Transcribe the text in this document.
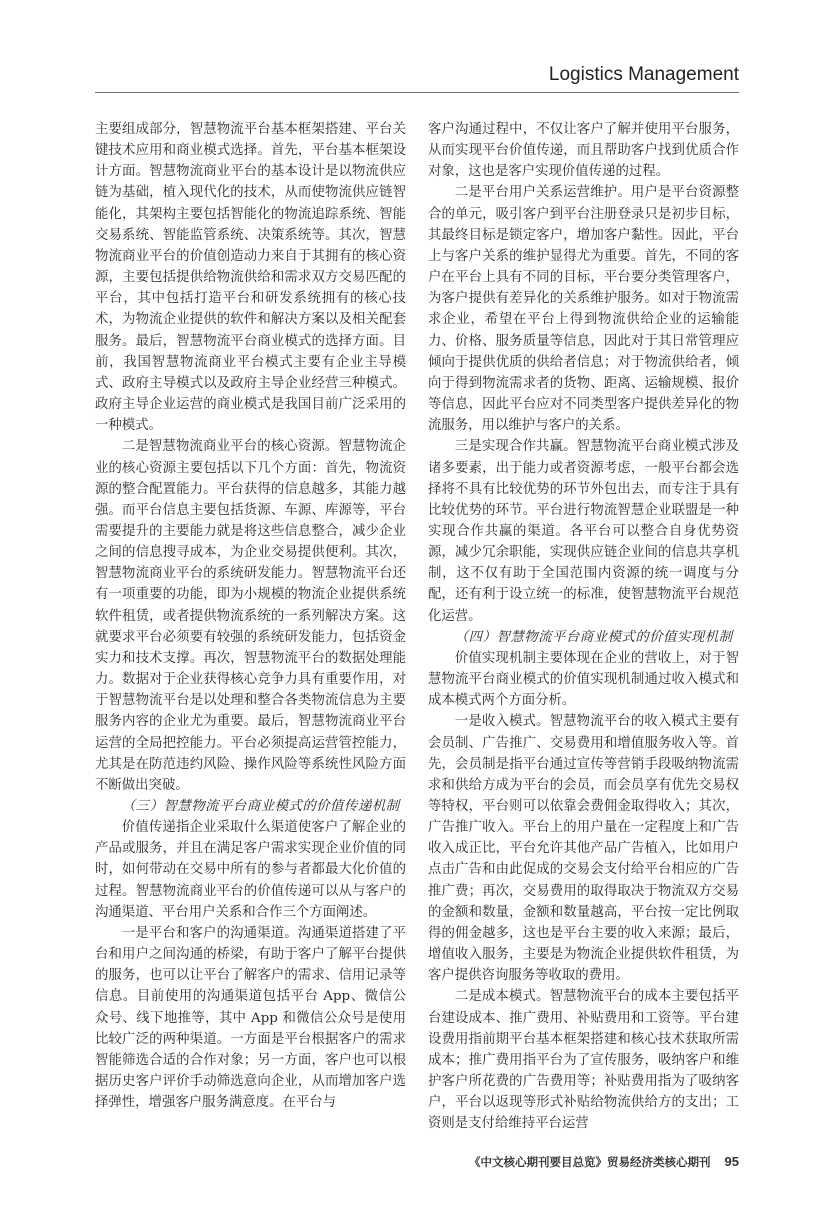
Logistics Management

主要组成部分，智慧物流平台基本框架搭建、平台关键技术应用和商业模式选择。首先，平台基本框架设计方面。智慧物流商业平台的基本设计是以物流供应链为基础，植入现代化的技术，从而使物流供应链智能化，其架构主要包括智能化的物流追踪系统、智能交易系统、智能监管系统、决策系统等。其次，智慧物流商业平台的价值创造动力来自于其拥有的核心资源，主要包括提供给物流供给和需求双方交易匹配的平台，其中包括打造平台和研发系统拥有的核心技术，为物流企业提供的软件和解决方案以及相关配套服务。最后，智慧物流平台商业模式的选择方面。目前，我国智慧物流商业平台模式主要有企业主导模式、政府主导模式以及政府主导企业经营三种模式。政府主导企业运营的商业模式是我国目前广泛采用的一种模式。

二是智慧物流商业平台的核心资源。智慧物流企业的核心资源主要包括以下几个方面：首先，物流资源的整合配置能力。平台获得的信息越多，其能力越强。而平台信息主要包括货源、车源、库源等，平台需要提升的主要能力就是将这些信息整合，减少企业之间的信息搜寻成本，为企业交易提供便利。其次，智慧物流商业平台的系统研发能力。智慧物流平台还有一项重要的功能，即为小规模的物流企业提供系统软件租赁，或者提供物流系统的一系列解决方案。这就要求平台必须要有较强的系统研发能力，包括资金实力和技术支撑。再次，智慧物流平台的数据处理能力。数据对于企业获得核心竞争力具有重要作用，对于智慧物流平台是以处理和整合各类物流信息为主要服务内容的企业尤为重要。最后，智慧物流商业平台运营的全局把控能力。平台必须提高运营管控能力，尤其是在防范违约风险、操作风险等系统性风险方面不断做出突破。

（三）智慧物流平台商业模式的价值传递机制

价值传递指企业采取什么渠道使客户了解企业的产品或服务，并且在满足客户需求实现企业价值的同时，如何带动在交易中所有的参与者都最大化价值的过程。智慧物流商业平台的价值传递可以从与客户的沟通渠道、平台用户关系和合作三个方面阐述。

一是平台和客户的沟通渠道。沟通渠道搭建了平台和用户之间沟通的桥梁，有助于客户了解平台提供的服务，也可以让平台了解客户的需求、信用记录等信息。目前使用的沟通渠道包括平台 App、微信公众号、线下地推等，其中 App 和微信公众号是使用比较广泛的两种渠道。一方面是平台根据客户的需求智能筛选合适的合作对象；另一方面，客户也可以根据历史客户评价手动筛选意向企业，从而增加客户选择弹性，增强客户服务满意度。在平台与

客户沟通过程中，不仅让客户了解并使用平台服务，从而实现平台价值传递，而且帮助客户找到优质合作对象，这也是客户实现价值传递的过程。

二是平台用户关系运营维护。用户是平台资源整合的单元，吸引客户到平台注册登录只是初步目标，其最终目标是锁定客户，增加客户黏性。因此，平台上与客户关系的维护显得尤为重要。首先，不同的客户在平台上具有不同的目标，平台要分类管理客户，为客户提供有差异化的关系维护服务。如对于物流需求企业，希望在平台上得到物流供给企业的运输能力、价格、服务质量等信息，因此对于其日常管理应倾向于提供优质的供给者信息；对于物流供给者，倾向于得到物流需求者的货物、距离、运输规模、报价等信息，因此平台应对不同类型客户提供差异化的物流服务，用以维护与客户的关系。

三是实现合作共赢。智慧物流平台商业模式涉及诸多要素，出于能力或者资源考虑，一般平台都会选择将不具有比较优势的环节外包出去，而专注于具有比较优势的环节。平台进行物流智慧企业联盟是一种实现合作共赢的渠道。各平台可以整合自身优势资源，减少冗余职能，实现供应链企业间的信息共享机制，这不仅有助于全国范围内资源的统一调度与分配，还有利于设立统一的标准，使智慧物流平台规范化运营。

（四）智慧物流平台商业模式的价值实现机制

价值实现机制主要体现在企业的营收上，对于智慧物流平台商业模式的价值实现机制通过收入模式和成本模式两个方面分析。

一是收入模式。智慧物流平台的收入模式主要有会员制、广告推广、交易费用和增值服务收入等。首先，会员制是指平台通过宣传等营销手段吸纳物流需求和供给方成为平台的会员，而会员享有优先交易权等特权，平台则可以依靠会费佣金取得收入；其次，广告推广收入。平台上的用户量在一定程度上和广告收入成正比，平台允许其他产品广告植入，比如用户点击广告和由此促成的交易会支付给平台相应的广告推广费；再次，交易费用的取得取决于物流双方交易的金额和数量，金额和数量越高，平台按一定比例取得的佣金越多，这也是平台主要的收入来源；最后，增值收入服务，主要是为物流企业提供软件租赁，为客户提供咨询服务等收取的费用。

二是成本模式。智慧物流平台的成本主要包括平台建设成本、推广费用、补贴费用和工资等。平台建设费用指前期平台基本框架搭建和核心技术获取所需成本；推广费用指平台为了宣传服务，吸纳客户和维护客户所花费的广告费用等；补贴费用指为了吸纳客户，平台以返现等形式补贴给物流供给方的支出；工资则是支付给维持平台运营

《中文核心期刊要目总览》贸易经济类核心期刊 95
